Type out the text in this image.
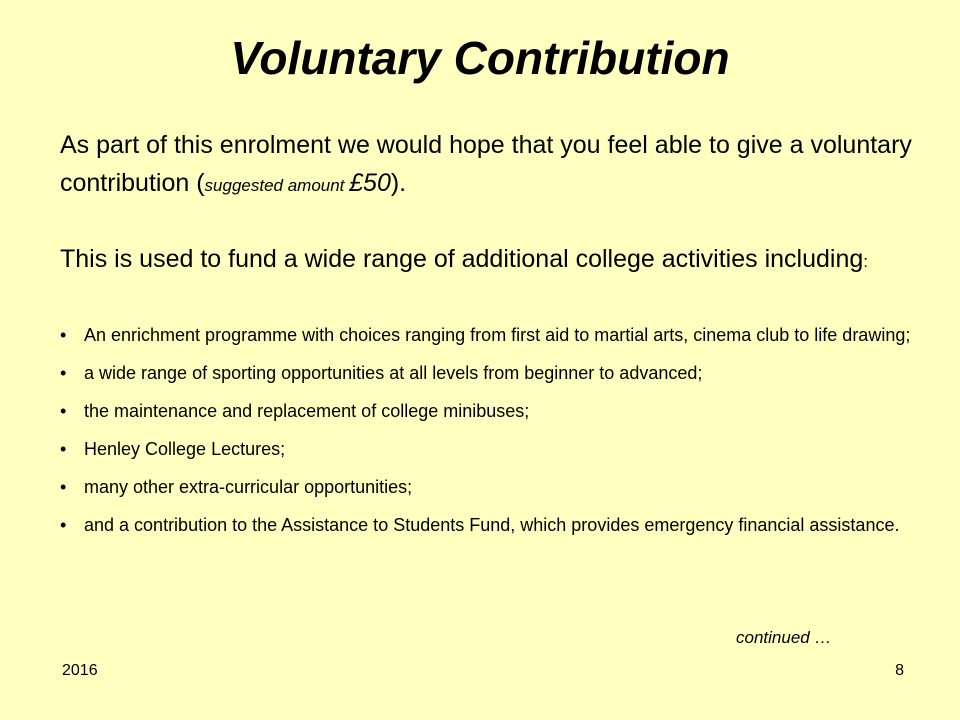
Voluntary Contribution

As part of this enrolment we would hope that you feel able to give a voluntary contribution (suggested amount £50).

This is used to fund a wide range of additional college activities including:

• An enrichment programme with choices ranging from first aid to martial arts, cinema club to life drawing;
• a wide range of sporting opportunities at all levels from beginner to advanced;
• the maintenance and replacement of college minibuses;
• Henley College Lectures;
• many other extra-curricular opportunities;
• and a contribution to the Assistance to Students Fund, which provides emergency financial assistance.
continued …
2016	8
